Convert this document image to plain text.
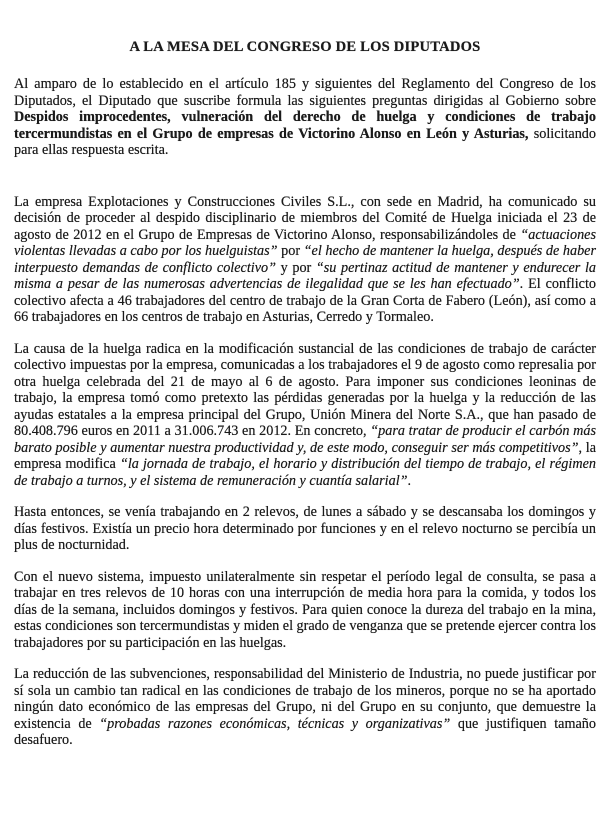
A LA MESA DEL CONGRESO DE LOS DIPUTADOS

Al amparo de lo establecido en el artículo 185 y siguientes del Reglamento del Congreso de los Diputados, el Diputado que suscribe formula las siguientes preguntas dirigidas al Gobierno sobre Despidos improcedentes, vulneración del derecho de huelga y condiciones de trabajo tercermundistas en el Grupo de empresas de Victorino Alonso en León y Asturias, solicitando para ellas respuesta escrita.

La empresa Explotaciones y Construcciones Civiles S.L., con sede en Madrid, ha comunicado su decisión de proceder al despido disciplinario de miembros del Comité de Huelga iniciada el 23 de agosto de 2012 en el Grupo de Empresas de Victorino Alonso, responsabilizándoles de “actuaciones violentas llevadas a cabo por los huelguistas” por “el hecho de mantener la huelga, después de haber interpuesto demandas de conflicto colectivo” y por “su pertinaz actitud de mantener y endurecer la misma a pesar de las numerosas advertencias de ilegalidad que se les han efectuado”. El conflicto colectivo afecta a 46 trabajadores del centro de trabajo de la Gran Corta de Fabero (León), así como a 66 trabajadores en los centros de trabajo en Asturias, Cerredo y Tormaleo.

La causa de la huelga radica en la modificación sustancial de las condiciones de trabajo de carácter colectivo impuestas por la empresa, comunicadas a los trabajadores el 9 de agosto como represalia por otra huelga celebrada del 21 de mayo al 6 de agosto. Para imponer sus condiciones leoninas de trabajo, la empresa tomó como pretexto las pérdidas generadas por la huelga y la reducción de las ayudas estatales a la empresa principal del Grupo, Unión Minera del Norte S.A., que han pasado de 80.408.796 euros en 2011 a 31.006.743 en 2012. En concreto, “para tratar de producir el carbón más barato posible y aumentar nuestra productividad y, de este modo, conseguir ser más competitivos”, la empresa modifica “la jornada de trabajo, el horario y distribución del tiempo de trabajo, el régimen de trabajo a turnos, y el sistema de remuneración y cuantía salarial”.

Hasta entonces, se venía trabajando en 2 relevos, de lunes a sábado y se descansaba los domingos y días festivos. Existía un precio hora determinado por funciones y en el relevo nocturno se percibía un plus de nocturnidad.

Con el nuevo sistema, impuesto unilateralmente sin respetar el período legal de consulta, se pasa a trabajar en tres relevos de 10 horas con una interrupción de media hora para la comida, y todos los días de la semana, incluidos domingos y festivos. Para quien conoce la dureza del trabajo en la mina, estas condiciones son tercermundistas y miden el grado de venganza que se pretende ejercer contra los trabajadores por su participación en las huelgas.

La reducción de las subvenciones, responsabilidad del Ministerio de Industria, no puede justificar por sí sola un cambio tan radical en las condiciones de trabajo de los mineros, porque no se ha aportado ningún dato económico de las empresas del Grupo, ni del Grupo en su conjunto, que demuestre la existencia de “probadas razones económicas, técnicas y organizativas” que justifiquen tamaño desafuero.
